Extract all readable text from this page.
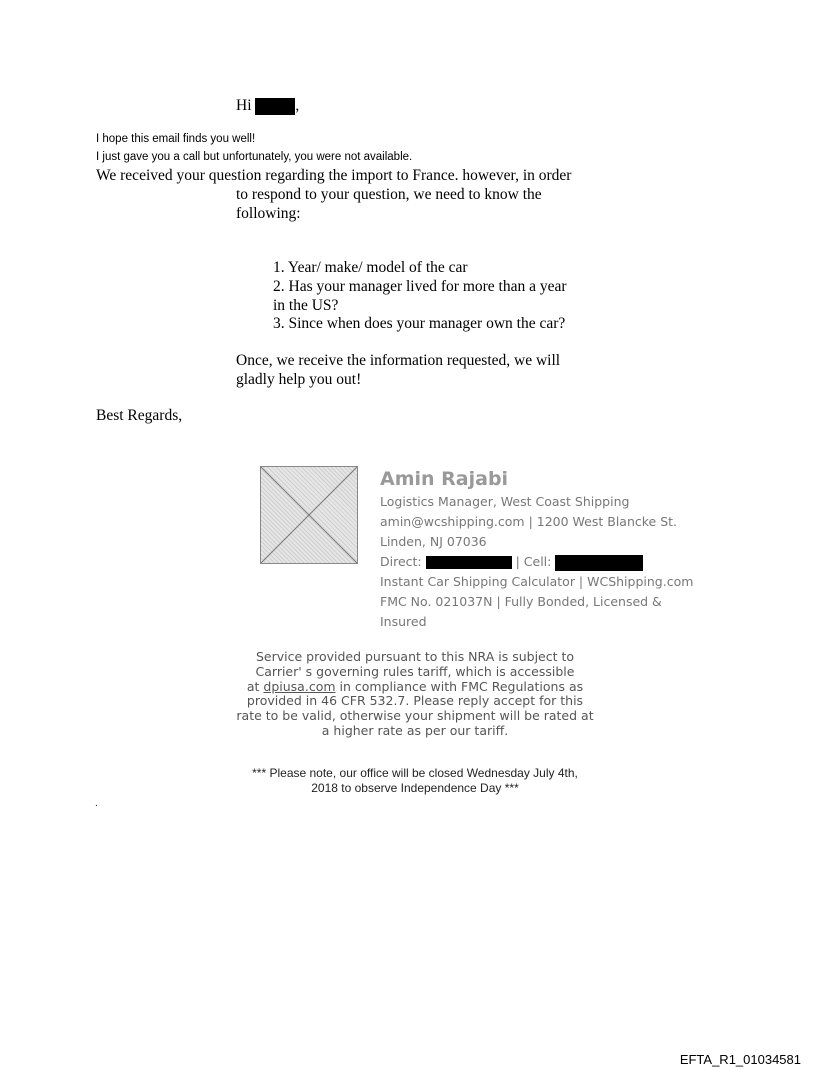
Hi	,
I hope this email finds you well!
I just gave you a call but unfortunately, you were not available.
We received your question regarding the import to France. however, in order
to respond to your question, we need to know the
following:
1. Year/ make/ model of the car
2. Has your manager lived for more than a year
in the US?
3. Since when does your manager own the car?
Once, we receive the information requested, we will
gladly help you out!
Best Regards,
Amin Rajabi
Logistics Manager, West Coast Shipping
amin@wcshipping.com | 1200 West Blancke St.
Linden, NJ 07036
Direct:	| Cell:
Instant Car Shipping Calculator | WCShipping.com
FMC No. 021037N | Fully Bonded, Licensed &
Insured
Service provided pursuant to this NRA is subject to
Carrier' s governing rules tariff, which is accessible
at dpiusa.com in compliance with FMC Regulations as
provided in 46 CFR 532.7. Please reply accept for this
rate to be valid, otherwise your shipment will be rated at
a higher rate as per our tariff.
*** Please note, our office will be closed Wednesday July 4th,
2018 to observe Independence Day ***
.
EFTA_R1_01034581
